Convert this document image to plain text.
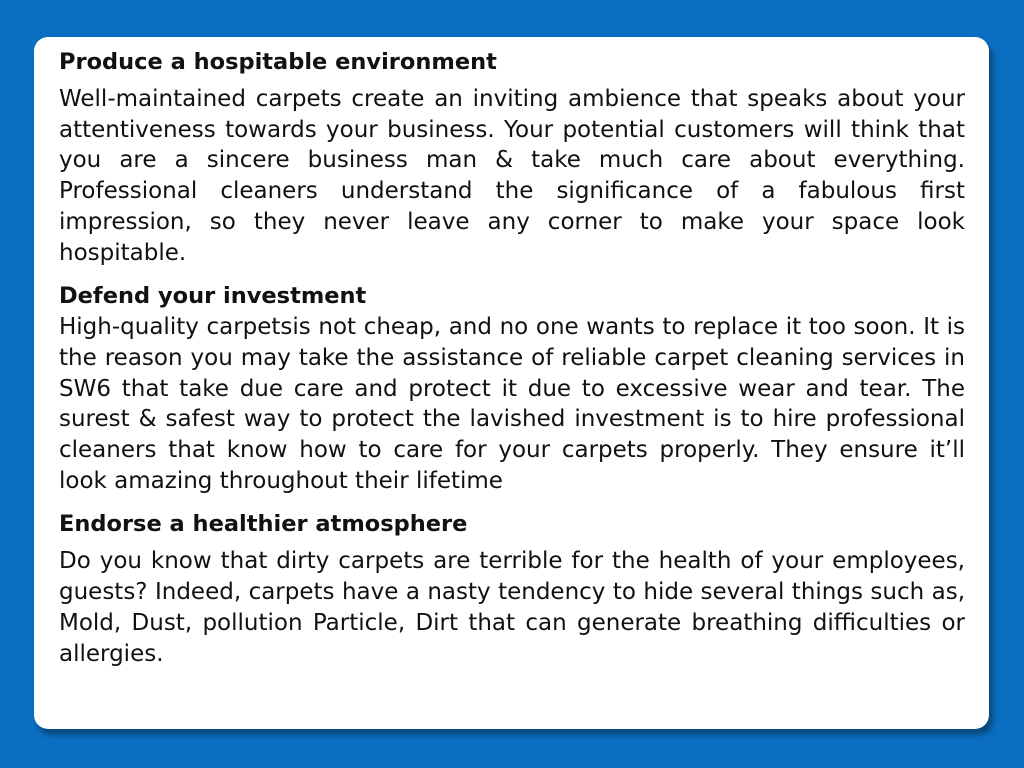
Produce a hospitable environment

Well-maintained carpets create an inviting ambience that speaks about your attentiveness towards your business. Your potential customers will think that you are a sincere business man & take much care about everything. Professional cleaners understand the significance of a fabulous first impression, so they never leave any corner to make your space look hospitable.

Defend your investment

High-quality carpetsis not cheap, and no one wants to replace it too soon. It is the reason you may take the assistance of reliable carpet cleaning services in SW6 that take due care and protect it due to excessive wear and tear. The surest & safest way to protect the lavished investment is to hire professional cleaners that know how to care for your carpets properly. They ensure it’ll look amazing throughout their lifetime

Endorse a healthier atmosphere

Do you know that dirty carpets are terrible for the health of your employees, guests? Indeed, carpets have a nasty tendency to hide several things such as, Mold, Dust, pollution Particle, Dirt that can generate breathing difficulties or allergies.
